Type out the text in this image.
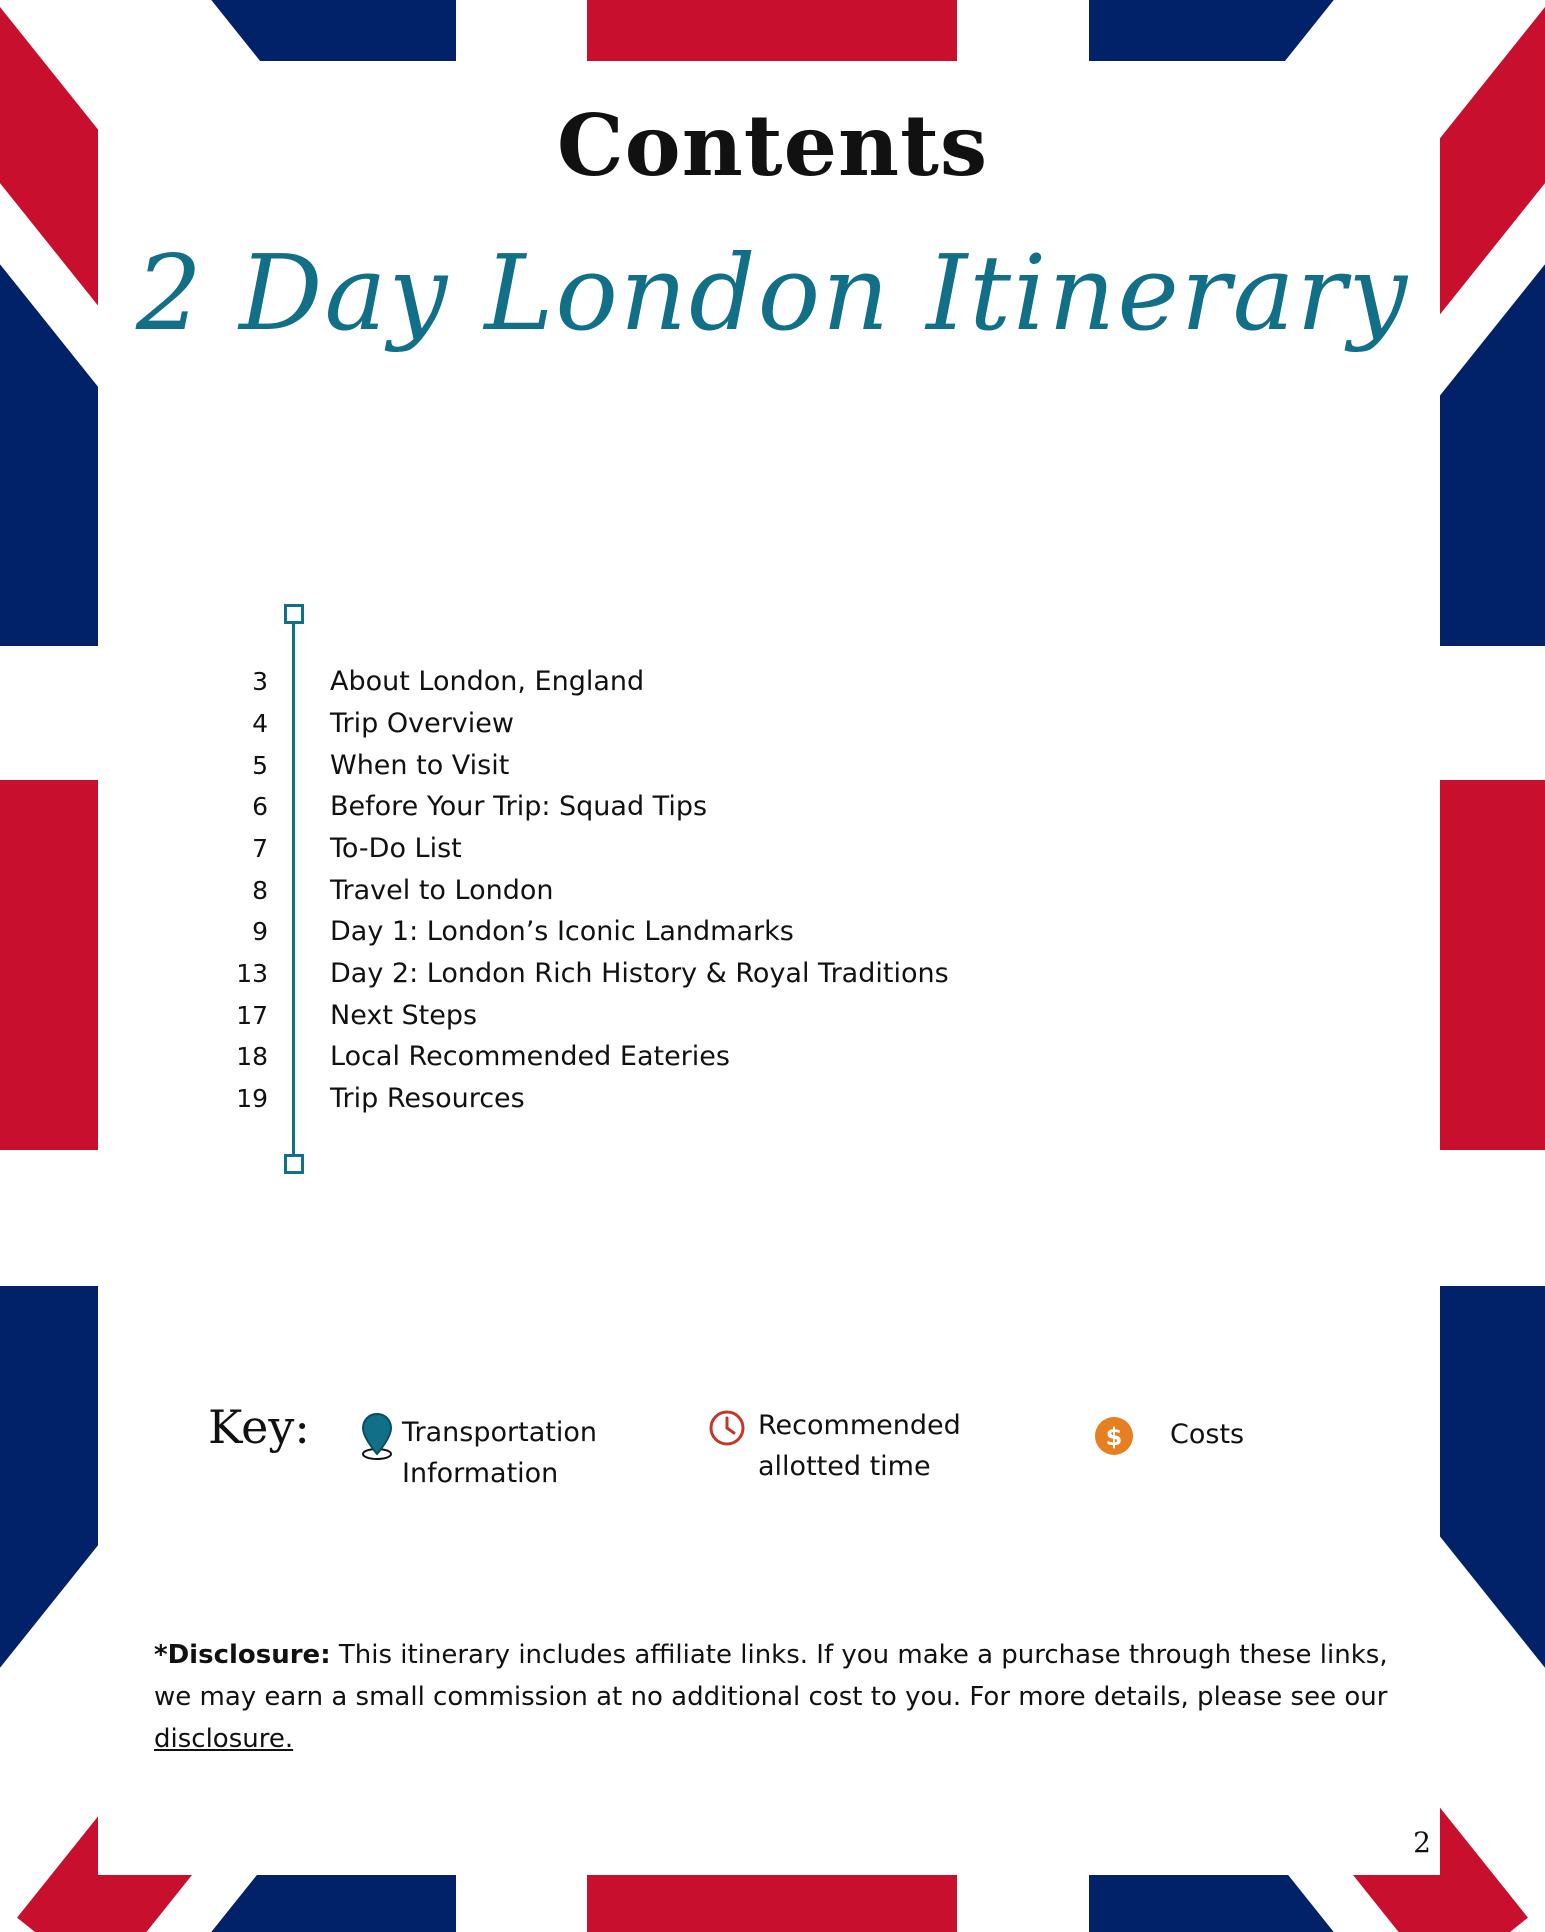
Contents
2 Day London Itinerary
3 About London, England
4 Trip Overview
5 When to Visit
6 Before Your Trip: Squad Tips
7 To-Do List
8 Travel to London
9 Day 1: London’s Iconic Landmarks
13 Day 2: London Rich History & Royal Traditions
17 Next Steps
18 Local Recommended Eateries
19 Trip Resources
Key:	Transportation
Information
Recommended
allotted time
$ Costs
*Disclosure: This itinerary includes affiliate links. If you make a purchase through these links, we may earn a small commission at no additional cost to you. For more details, please see our disclosure.
2
